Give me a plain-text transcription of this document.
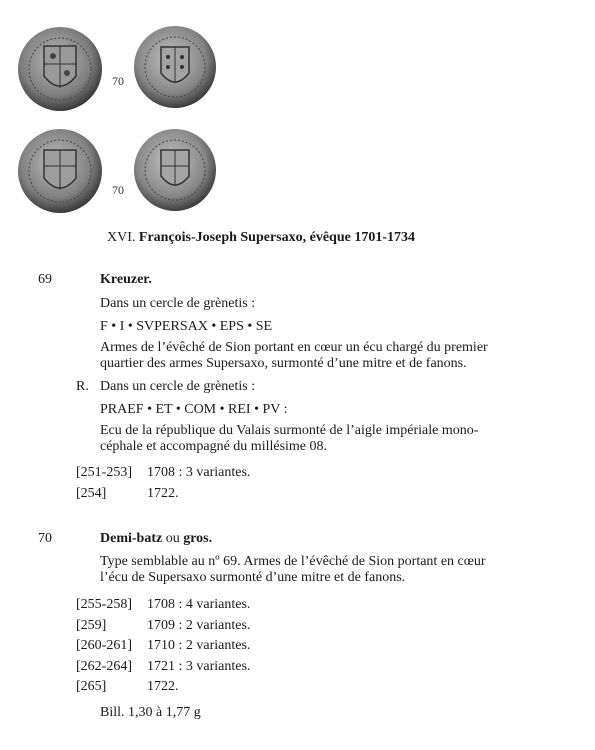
70
70
XVI. François-Joseph Supersaxo, évêque 1701-1734
69	Kreuzer.
Dans un cercle de grènetis :
F • I • SVPERSAX • EPS • SE
Armes de l’évêché de Sion portant en cœur un écu chargé du premier
quartier des armes Supersaxo, surmonté d’une mitre et de fanons.
R. Dans un cercle de grènetis :
PRAEF • ET • COM • REI • PV :
Ecu de la république du Valais surmonté de l’aigle impériale mono-
céphale et accompagné du millésime 08.
[251-253] 1708 : 3 variantes.
[254]	1722.
70	Demi-batz ou gros.
Type semblable au nº 69. Armes de l’évêché de Sion portant en cœur
l’écu de Supersaxo surmonté d’une mitre et de fanons.
[255-258] 1708 : 4 variantes.
[259]	1709 : 2 variantes.
[260-261] 1710 : 2 variantes.
[262-264] 1721 : 3 variantes.
[265]	1722.
Bill. 1,30 à 1,77 g
